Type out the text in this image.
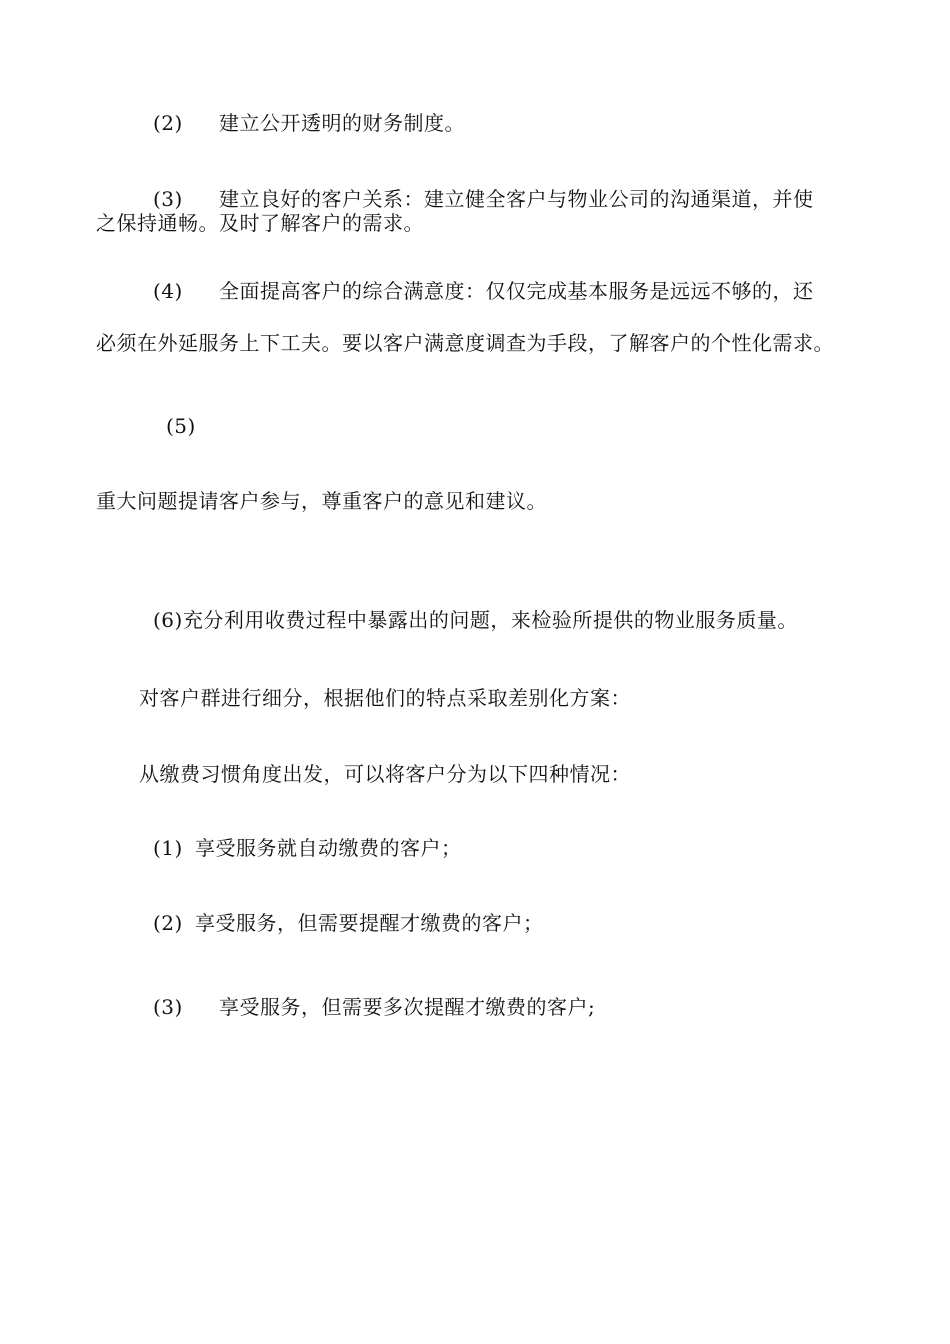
(2) 建立公开透明的财务制度。
(3) 建立良好的客户关系：建立健全客户与物业公司的沟通渠道，并使
之保持通畅。及时了解客户的需求。
(4) 全面提高客户的综合满意度：仅仅完成基本服务是远远不够的，还
必须在外延服务上下工夫。要以客户满意度调查为手段，了解客户的个性化需求。
(5)
重大问题提请客户参与，尊重客户的意见和建议。
(6)充分利用收费过程中暴露出的问题，来检验所提供的物业服务质量。
对客户群进行细分，根据他们的特点采取差别化方案：
从缴费习惯角度出发，可以将客户分为以下四种情况：
(1) 享受服务就自动缴费的客户；
(2) 享受服务，但需要提醒才缴费的客户；
(3) 享受服务，但需要多次提醒才缴费的客户;
